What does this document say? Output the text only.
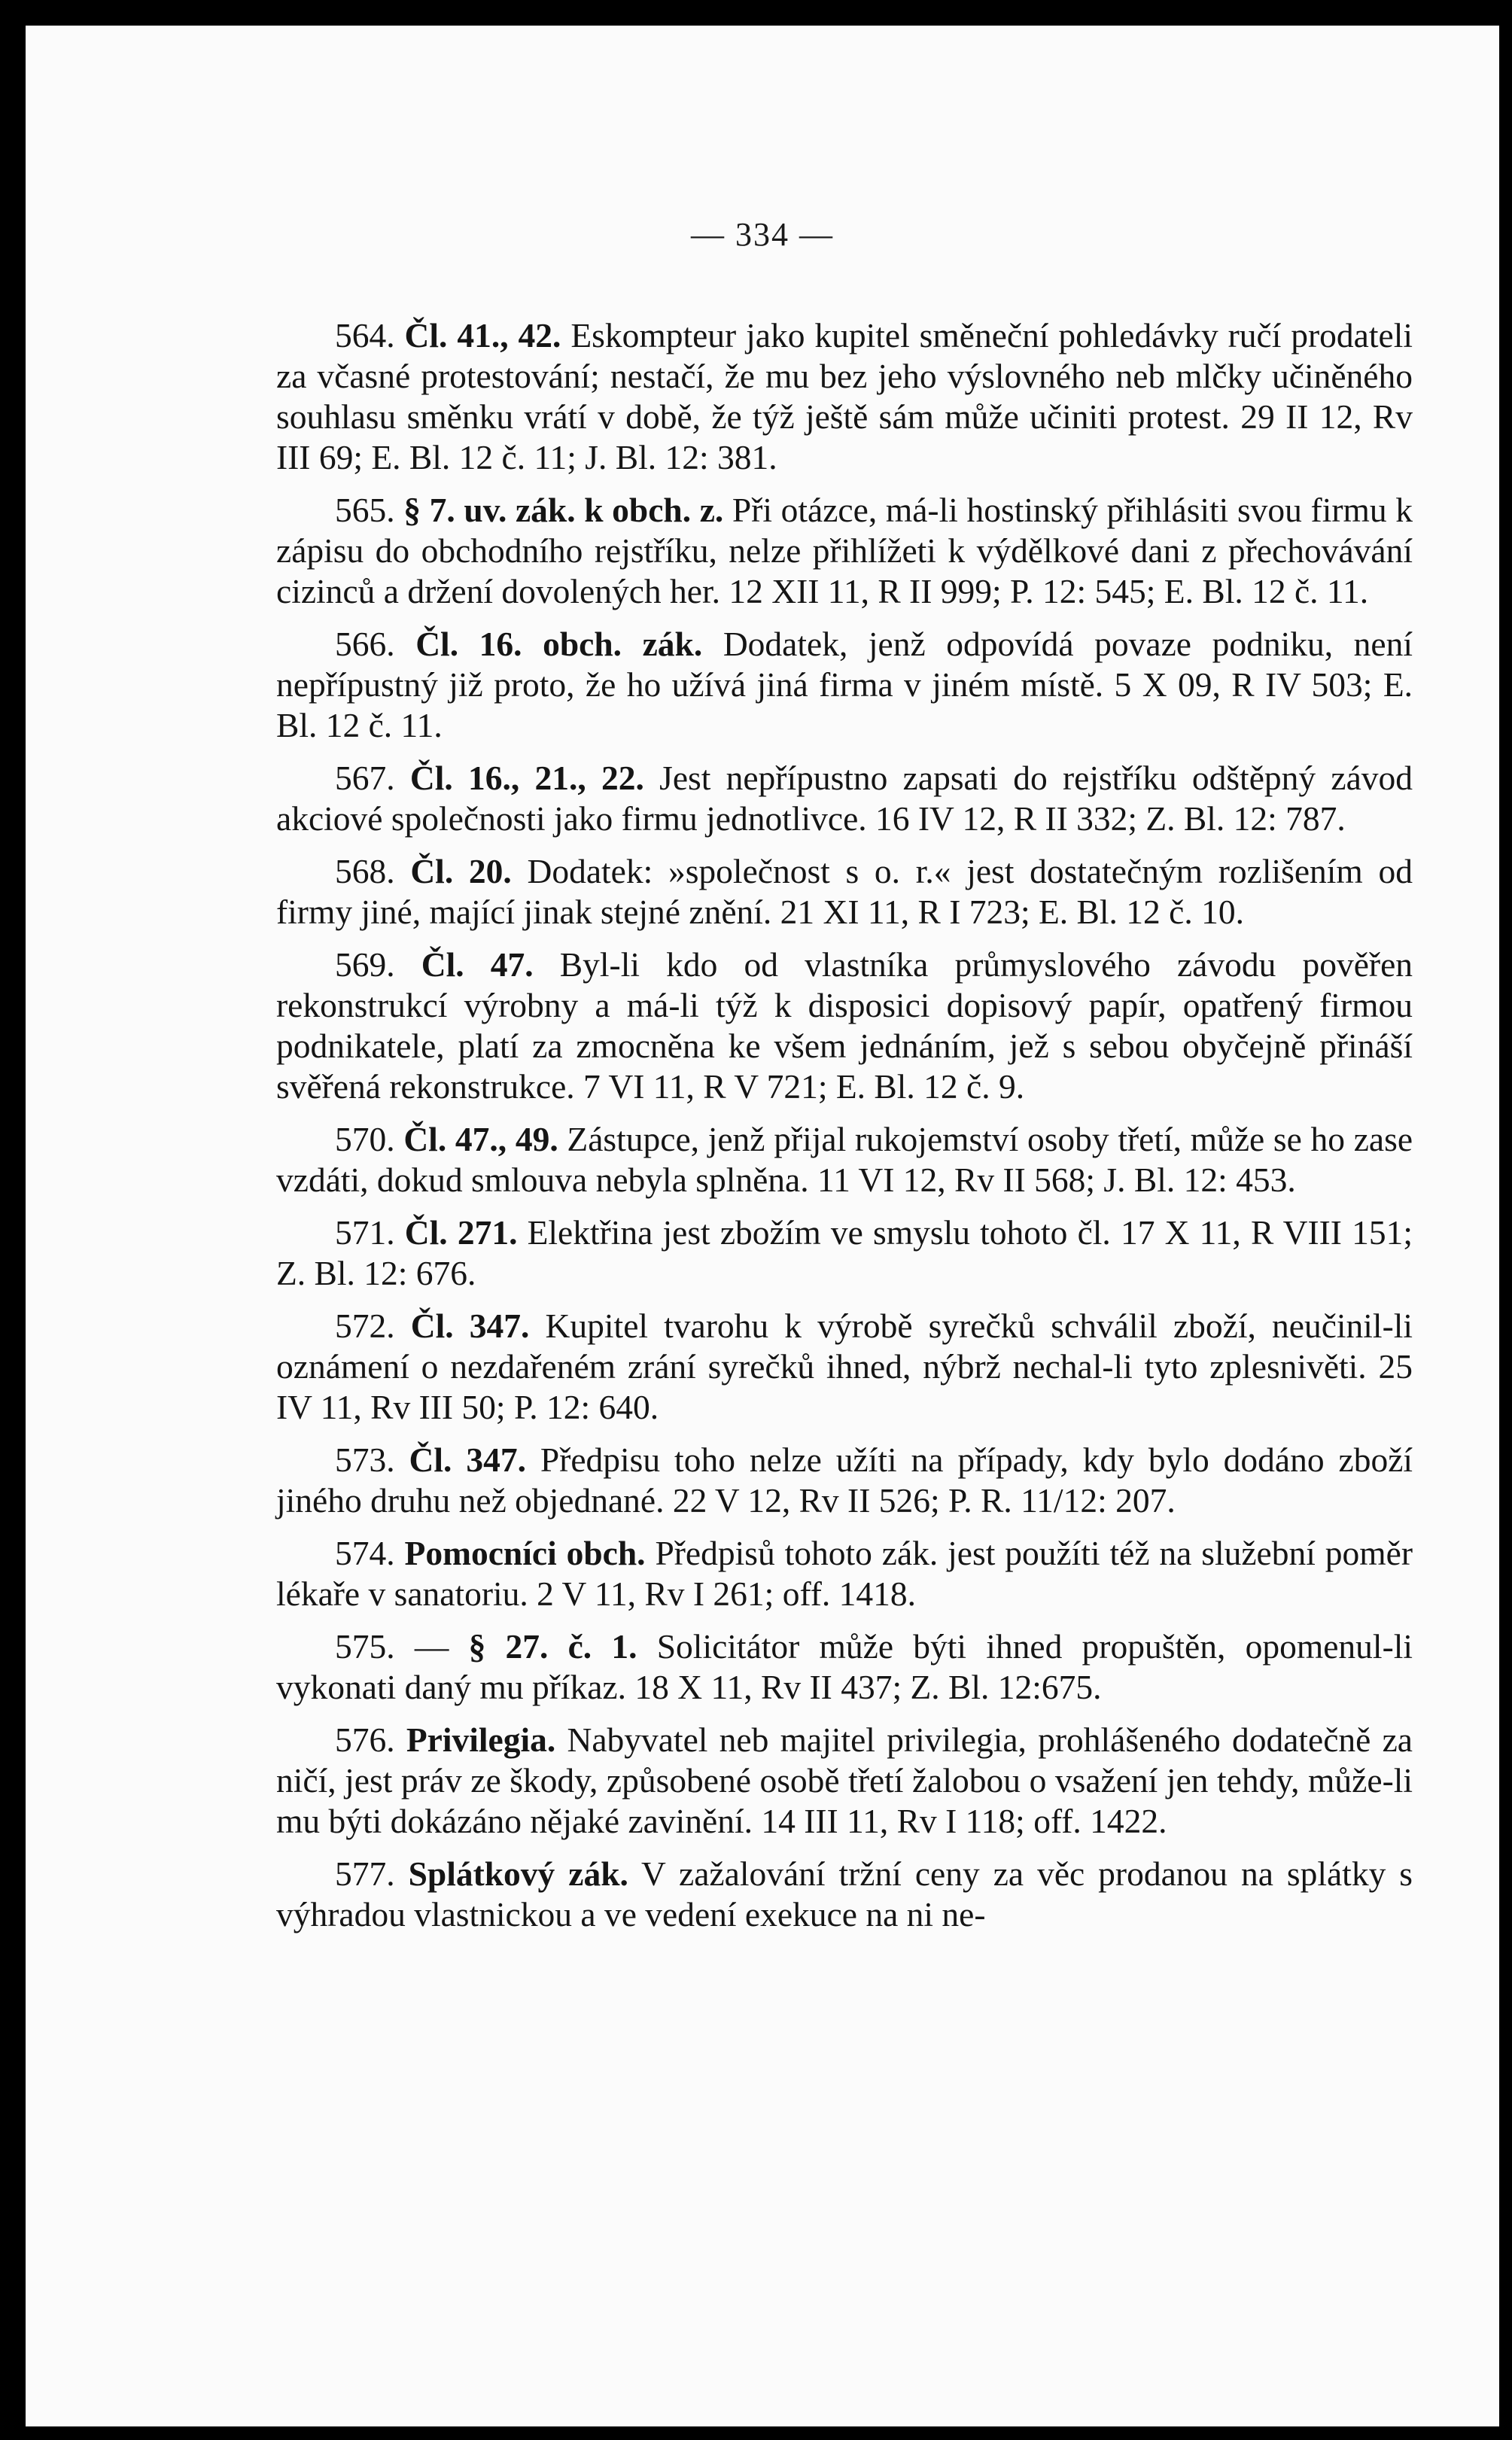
— 334 —

564. Čl. 41., 42. Eskompteur jako kupitel směneční pohledávky ručí prodateli za včasné protestování; nestačí, že mu bez jeho výslovného neb mlčky učiněného souhlasu směnku vrátí v době, že týž ještě sám může učiniti protest. 29 II 12, Rv III 69; E. Bl. 12 č. 11; J. Bl. 12: 381.

565. § 7. uv. zák. k obch. z. Při otázce, má-li hostinský přihlásiti svou firmu k zápisu do obchodního rejstříku, nelze přihlížeti k výdělkové dani z přechovávání cizinců a držení dovolených her. 12 XII 11, R II 999; P. 12: 545; E. Bl. 12 č. 11.

566. Čl. 16. obch. zák. Dodatek, jenž odpovídá povaze podniku, není nepřípustný již proto, že ho užívá jiná firma v jiném místě. 5 X 09, R IV 503; E. Bl. 12 č. 11.

567. Čl. 16., 21., 22. Jest nepřípustno zapsati do rejstříku odštěpný závod akciové společnosti jako firmu jednotlivce. 16 IV 12, R II 332; Z. Bl. 12: 787.

568. Čl. 20. Dodatek: »společnost s o. r.« jest dostatečným rozlišením od firmy jiné, mající jinak stejné znění. 21 XI 11, R I 723; E. Bl. 12 č. 10.

569. Čl. 47. Byl-li kdo od vlastníka průmyslového závodu pověřen rekonstrukcí výrobny a má-li týž k disposici dopisový papír, opatřený firmou podnikatele, platí za zmocněna ke všem jednáním, jež s sebou obyčejně přináší svěřená rekonstrukce. 7 VI 11, R V 721; E. Bl. 12 č. 9.

570. Čl. 47., 49. Zástupce, jenž přijal rukojemství osoby třetí, může se ho zase vzdáti, dokud smlouva nebyla splněna. 11 VI 12, Rv II 568; J. Bl. 12: 453.

571. Čl. 271. Elektřina jest zbožím ve smyslu tohoto čl. 17 X 11, R VIII 151; Z. Bl. 12: 676.

572. Čl. 347. Kupitel tvarohu k výrobě syrečků schválil zboží, neučinil-li oznámení o nezdařeném zrání syrečků ihned, nýbrž nechal-li tyto zplesnivěti. 25 IV 11, Rv III 50; P. 12: 640.

573. Čl. 347. Předpisu toho nelze užíti na případy, kdy bylo dodáno zboží jiného druhu než objednané. 22 V 12, Rv II 526; P. R. 11/12: 207.

574. Pomocníci obch. Předpisů tohoto zák. jest použíti též na služební poměr lékaře v sanatoriu. 2 V 11, Rv I 261; off. 1418.

575. — § 27. č. 1. Solicitátor může býti ihned propuštěn, opomenul-li vykonati daný mu příkaz. 18 X 11, Rv II 437; Z. Bl. 12:675.

576. Privilegia. Nabyvatel neb majitel privilegia, prohlášeného dodatečně za ničí, jest práv ze škody, způsobené osobě třetí žalobou o vsažení jen tehdy, může-li mu býti dokázáno nějaké zavinění. 14 III 11, Rv I 118; off. 1422.

577. Splátkový zák. V zažalování tržní ceny za věc prodanou na splátky s výhradou vlastnickou a ve vedení exekuce na ni ne-
